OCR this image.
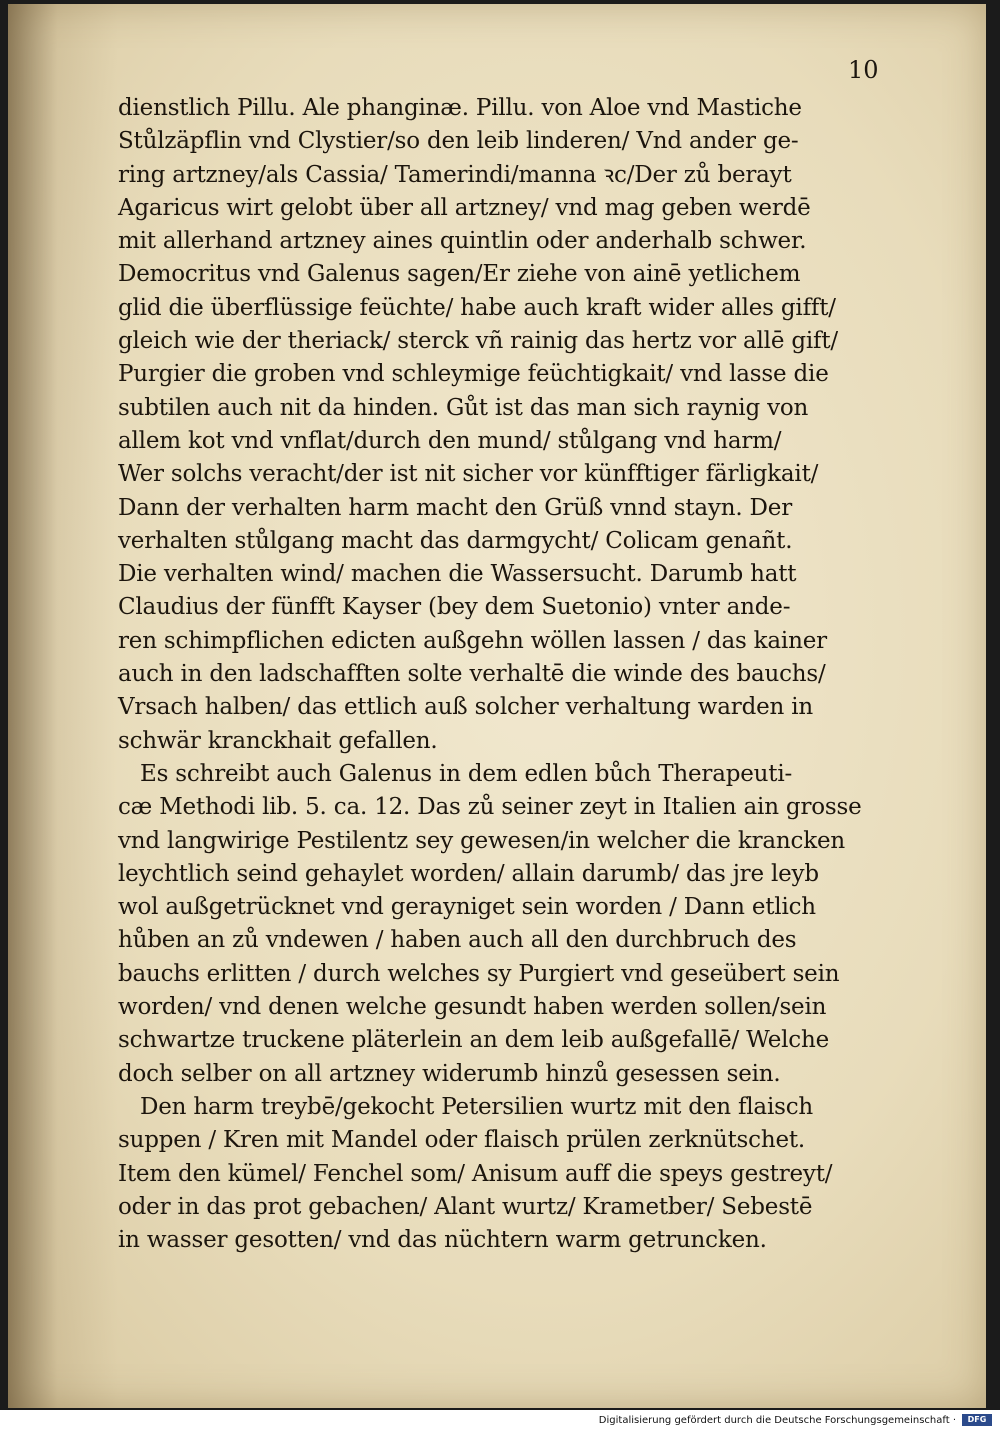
10
dienstlich Pillu. Ale phanginæ. Pillu. von Aloe vnd Mastiche
Stůlzäpflin vnd Clystier/so den leib linderen/ Vnd ander ge-
ring artzney/als Cassia/ Tamerindi/manna ꝛc/Der zů berayt
Agaricus wirt gelobt über all artzney/ vnd mag geben werdē
mit allerhand artzney aines quintlin oder anderhalb schwer.
Democritus vnd Galenus sagen/Er ziehe von ainē yetlichem
glid die überflüssige feüchte/ habe auch kraft wider alles gifft/
gleich wie der theriack/ sterck vñ rainig das hertz vor allē gift/
Purgier die groben vnd schleymige feüchtigkait/ vnd lasse die
subtilen auch nit da hinden. Gůt ist das man sich raynig von
allem kot vnd vnflat/durch den mund/ stůlgang vnd harm/
Wer solchs veracht/der ist nit sicher vor künfftiger färligkait/
Dann der verhalten harm macht den Grüß vnnd stayn. Der
verhalten stůlgang macht das darmgycht/ Colicam genañt.
Die verhalten wind/ machen die Wassersucht. Darumb hatt
Claudius der fünfft Kayser (bey dem Suetonio) vnter ande-
ren schimpflichen edicten außgehn wöllen lassen / das kainer
auch in den ladschafften solte verhaltē die winde des bauchs/
Vrsach halben/ das ettlich auß solcher verhaltung warden in
schwär kranckhait gefallen.
Es schreibt auch Galenus in dem edlen bůch Therapeuti-
cæ Methodi lib. 5. ca. 12. Das zů seiner zeyt in Italien ain grosse
vnd langwirige Pestilentz sey gewesen/in welcher die krancken
leychtlich seind gehaylet worden/ allain darumb/ das jre leyb
wol außgetrücknet vnd gerayniget sein worden / Dann etlich
hůben an zů vndewen / haben auch all den durchbruch des
bauchs erlitten / durch welches sy Purgiert vnd geseübert sein
worden/ vnd denen welche gesundt haben werden sollen/sein
schwartze truckene pläterlein an dem leib außgefallē/ Welche
doch selber on all artzney widerumb hinzů gesessen sein.
Den harm treybē/gekocht Petersilien wurtz mit den flaisch
suppen / Kren mit Mandel oder flaisch prülen zerknütschet.
Item den kümel/ Fenchel som/ Anisum auff die speys gestreyt/
oder in das prot gebachen/ Alant wurtz/ Krametber/ Sebestē
in wasser gesotten/ vnd das nüchtern warm getruncken.
Digitalisierung gefördert durch die Deutsche Forschungsgemeinschaft ·	DFG
